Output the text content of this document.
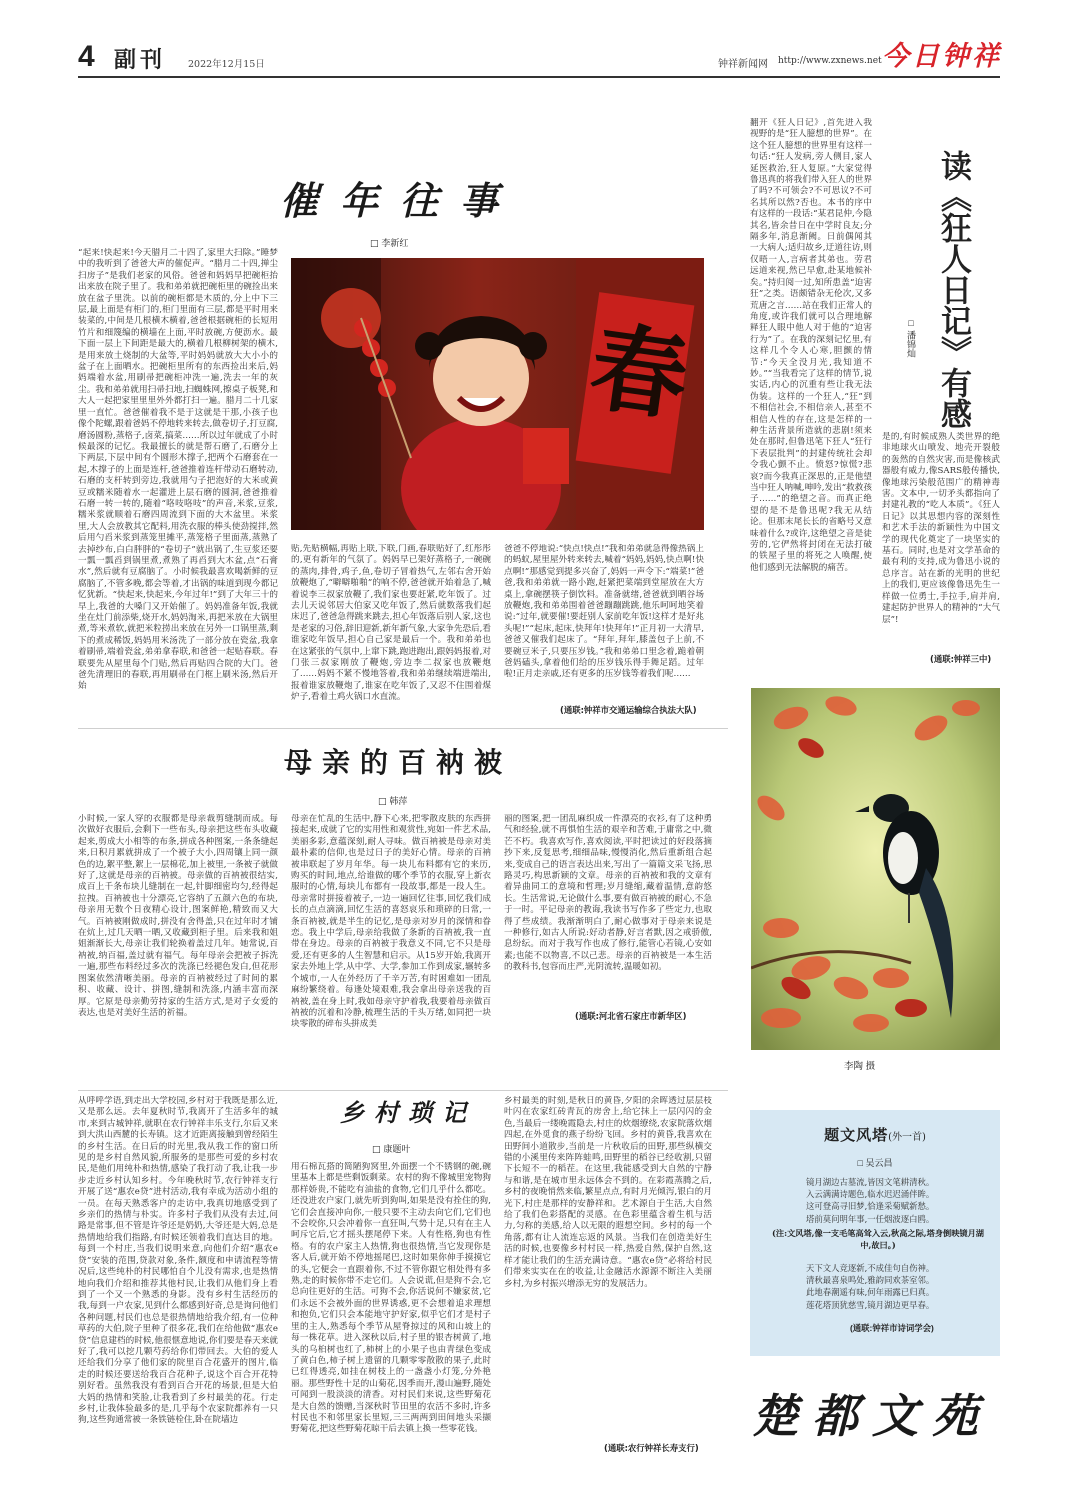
4 副刊 2022年12月15日	钟祥新闻网 http://www.zxnews.net 今日钟祥
催年往事
□ 李新红
春

“起来!快起来!今天腊月二十四了,家里大扫除。”睡梦中的我听到了爸爸大声的催促声。“腊月二十四,掸尘扫房子”是我们老家的风俗。爸爸和妈妈早把碗柜抬出来放在院子里了。我和弟弟就把碗柜里的碗捡出来放在盆子里洗。以前的碗柜都是木质的,分上中下三层,最上面是有柜门的,柜门里面有三层,都是平时用来装菜的,中间是几根横木横着,爸爸根据碗柜的长短用竹片和细篾编的横墙在上面,平时放碗,方便沥水。最下面一层上下间距是最大的,横着几根柳树架的横木,是用来放土烧制的大盆等,平时妈妈就放大大小小的盆子在上面晒水。把碗柜里所有的东西捡出来后,妈妈端着水盆,用刷帚把碗柜冲洗一遍,洗去一年的灰尘。我和弟弟就用扫帚扫地,扫蜘蛛网,擦桌子板凳,和大人一起把家里里里外外都打扫一遍。腊月二十几家里一直忙。爸爸催着我不是于这就是干那,小孩子也像个陀螺,跟着爸妈不停地转来转去,做卷切子,打豆腐,磨汤圆粉,蒸格子,卤菜,搞菜……所以过年就成了小时候最深的记忆。我最擅长的就是帮石磨了,石磨分上下两层,下层中间有个圆形木撑子,把两个石磨套在一起,木撑子的上面是连杆,爸爸推着连杆带动石磨转动,石磨的支杆转到旁边,我就用勺子把泡好的大米或黄豆或糯米随着水一起灌进上层石磨的圆洞,爸爸推着石磨一转一转的,随着“咯吱咯吱”的声音,米浆,豆浆,糯米浆就顺着石磨四周流到下面的大木盆里。米浆里,大人会放教其它配料,用洗衣服的棒头使劲搅拌,然后用勺舀米浆到蒸笼里摊平,蒸笼格子里面蒸,蒸熟了去掉纱布,白白胖胖的“卷切子”就出锅了,生豆浆还要一瓢一瓢舀到锅里煮,煮熟了再舀到大木盆,点“石膏水”,然后就有豆腐脑了。小时候我最喜欢喝新鲜的豆腐脑了,不管多晚,都会等着,才出锅的味道到现今都记忆犹新。“快起来,快起来,今年过年!”到了大年三十的早上,我爸的大嗓门又开始催了。妈妈准备年饭,我就坐在灶门前添柴,烧开水,妈妈淘米,再把米放在大锅里煮,等米煮软,就把米粒捞出来放在另外一口锅里蒸,剩下的煮成稀饭,妈妈用米汤洗了一部分放在瓷盆,我拿着刷帚,端着瓷盆,弟弟拿春联,和爸爸一起贴春联。春联要先从屋里每个门贴,然后再贴四合院的大门。爸爸先清理旧的春联,再用刷帚在门框上刷米汤,然后开始

贴,先贴横幅,再贴上联,下联,门画,春联贴好了,红彤彤的,更有新年的气氛了。妈妈早已架好蒸格子,一碗碗的蒸肉,排骨,鸡子,鱼,卷切子冒着热气,左邻右舍开始放鞭炮了,“噼噼啪啪”的响不停,爸爸就开始着急了,喊着说李三叔家放鞭了,我们家也要赶紧,吃年饭了。过去儿天说邻居大伯家又吃年饭了,然后就数落我们起床迟了,爸爸急得跳来跳去,担心年饭落后别人家,这也是老家的习俗,辞旧迎新,新年新气象,大家争先恐后,看谁家吃年饭早,担心自己家是最后一个。我和弟弟也在这紧张的气氛中,上窜下跳,跑进跑出,跟妈妈报着,对门张三叔家刚放了鞭炮,旁边李二叔家也放鞭炮了……妈妈不紧不慢地答着,我和弟弟继续端进端出,报着谁家放鞭炮了,谁家在吃年饭了,又忍不住围着煤炉子,看着土鸡火锅口水直流。

爸爸不停地说:“快点!快点!”我和弟弟就急得像热锅上的蚂蚁,屋里屋外转来转去,喊着“妈妈,妈妈,快点啊!快点啊!”那感觉到提多兴奋了,妈妈一声令下:“端菜!”爸爸,我和弟弟就一路小跑,赶紧把菜端到堂屋放在大方桌上,拿碗摆筷子倒饮料。准备就绪,爸爸就到晒谷场放鞭炮,我和弟弟围着爸爸蹦蹦跳跳,他乐呵呵地笑着说:“过年,就要催!要赶别人家前吃年饭!这样才是好兆头呢!”“起床,起床,快拜年!快拜年!”正月初一大清早,爸爸又催我们起床了。“拜年,拜年,膝盖包子上前,不要碗豆米子,只要压岁钱。”我和弟弟口里念着,跪着朝爸妈磕头,拿着他们给的压岁钱乐得手舞足蹈。过年啦!正月走亲戚,还有更多的压岁钱等着我们呢……

(通联:钟祥市交通运输综合执法大队)

翻开《狂人日记》,首先进入我视野的是“狂人臆想的世界”。在这个狂人臆想的世界里有这样一句话:“狂人发病,旁人侧目,家人延医救治,狂人复原。”大家觉得鲁迅真的将我们带入狂人的世界了吗?不可领会?不可思议?不可名其所以然?否也。本书的序中有这样的一段话:“某君昆仲,今隐其名,皆余昔日在中学时良友;分隔多年,消息渐阙。日前偶闻其一大病人;适归故乡,迂道往访,则仅晤一人,言病者其弟也。劳君远道来视,然已早愈,赴某地候补矣。”持归阅一过,知所患盖“迫害狂”之类。语颇错杂无伦次,又多荒唐之言……站在我们正常人的角度,或许我们就可以合理地解释狂人眼中他人对于他的“迫害行为”了。在我的深刻记忆里,有这样几个令人心寒,胆颤的情节:“今天全没月光,我知道不妙。”“当我看完了这样的情节,说实话,内心的沉重有些让我无法伪装。这样的一个狂人,“狂”到不相信社会,不相信亲人,甚至不相信人性的存在,这是怎样的一种生活背景所造就的悲剧!须来处在那时,但鲁迅笔下狂人“狂行下表层批判”的封建传统社会却令我心颤不止。愤怒?惊慌?悲哀?而今我真正深思的,正是他望当中狂人呐喊,呻吟,发出“救救孩子……”的绝望之音。而真正绝望的是不是鲁迅呢?我无从结论。但那末尾长长的省略号又意味着什么?或许,这绝望之音是徒劳的,它俨然将封闭在无法打破的铁屋子里的将死之人唤醒,使他们感到无法解脱的痛苦。

读《狂人日记》有感
□ 潘锦灿

是的,有时候成熟人类世界的绝非地球火山喷发、地壳开裂般的轰然的自然灾害,而是像核武器般有威力,像SARS般传播快,像地球污染般范围广的精神毒害。文本中,一切矛头都指向了封建礼教的“吃人本质”。《狂人日记》以其思想内容的深刻性和艺术手法的新颖性为中国文学的现代化奠定了一块坚实的基石。同时,也是对文学革命的最有利的支持,成为鲁迅小说的总序言。站在新的光明的世纪上的我们,更应该像鲁迅先生一样做一位勇士,手拉手,肩并肩,建起防护世界人的精神的“大气层”!

(通联:钟祥三中)
母亲的百衲被
□ 韩萍

小时候,一家人穿的衣服都是母亲裁剪缝制而成。每次做好衣服后,会剩下一些布头,母亲把这些布头收藏起来,剪成大小相等的布条,拼成各种图案,一条条缝起来,日积月累就拼成了一个被子大小,四周镶上同一颜色的边,絮平整,絮上一层棉花,加上被里,一条被子就做好了,这就是母亲的百衲被。母亲做的百衲被很结实,成百上千条布块儿缝制在一起,针脚细密均匀,经得起拉拽。百衲被也十分漂亮,它容纳了五颜六色的布块,母亲用无数个日夜精心设计,图案鲜艳,精致而又大气。百衲被刚做成时,拼没有舍得盖,只在过年时才铺在炕上,过几天晒一晒,又收藏到柜子里。后来我和姐姐渐渐长大,母亲让我们轮换着盖过几年。她常说,百衲被,纳百福,盖过就有福气。每年母亲会把被子拆洗一遍,那些布料经过多次的洗涤已经褪色发白,但花形图案依然清晰美丽。母亲的百衲被经过了时间的累积、收藏、设计、拼图,缝制和洗涤,内涵丰富而深厚。它原是母亲勤劳持家的生活方式,是对子女爱的表达,也是对美好生活的祈福。

母亲在忙乱的生活中,静下心来,把零散皮肤的东西拼接起来,成就了它的实用性和观赏性,宛如一件艺术品,美丽多彩,意蕴深刻,耐人寻味。做百衲被是母亲对美最朴素的信仰,也是过日子的美好心情。母亲的百衲被串联起了岁月年华。每一块儿布料都有它的来历,购买的时间,地点,给谁做的哪个季节的衣服,穿上新衣服时的心情,每块儿布都有一段故事,都是一段人生。母亲常时拼接着被子,一边一遍回忆往事,回忆我们成长的点点滴滴,回忆生活的喜怒哀乐和琐碎的日常,一条百衲被,就是半生的记忆,是母亲对岁月的深情和眷恋。我上中学后,母亲给我做了条新的百衲被,我一直带在身边。母亲的百衲被于我意义不同,它不只是母爱,还有更多的人生智慧和启示。从15岁开始,我离开家去外地上学,从中学、大学,参加工作到成家,辗转多个城市,一人在外经历了千辛万苦,有时困难如一团乱麻纷繁绕着。每逢处境艰难,我会拿出母亲送我的百衲被,盖在身上时,我如母亲守护着我,我要着母亲做百衲被的沉着和冷静,梳理生活的千头万绪,如同把一块块零散的碎布头拼成美

丽的图案,把一团乱麻织成一件漂亮的衣衫,有了这种勇气和经验,就不再惧怕生活的艰辛和苦难,于庸常之中,微芒不朽。我喜欢写作,喜欢阅读,平时把读过的好段落摘抄下来,反复思考,细细品味,慢慢消化,然后重新组合起来,变成自己的语言表达出来,写出了一篇篇文采飞扬,思路灵巧,构思新颖的文章。母亲的百衲被和我的文章有着异曲同工的意境和哲理;岁月缝缩,藏着温情,意韵悠长。生活常说,无论做什么事,要有做百衲被的耐心,不急于一时。平记母亲的教诲,我读书写作多了些定力,也取得了些成绩。我渐渐明白了,耐心做事对于母亲来说是一种修行,如古人所说:好动者静,好言者默,因之戒骄傲,息纷纭。而对于我写作也成了修行,能管心若镜,心安如素;也能不以物喜,不以己悲。母亲的百衲被是一本生活的教科书,包容而庄严,光阴流转,温暖如初。

(通联:河北省石家庄市新华区)
李陶 摄

从呼呼学语,到走出大学校园,乡村对于我既是那么近,又是那么远。去年夏秋时节,我离开了生活多年的城市,来到古城钟祥,就职在农行钟祥丰乐支行,尔后又来到大洪山西麓的长寿镇。这才近距离接触到曾经陌生的乡村生活。在日后的时光里,我从我工作的窗口所见的是乡村自然风貌,所服务的是那些可爱的乡村农民,是他们用纯朴和热情,感染了我打动了我,让我一步步走近乡村认知乡村。今年晚秋时节,农行钟祥支行开展了送“惠农e贷”进村活动,我有幸成为活动小组的一员。在每天熟悉客户的走访中,我真切地感受到了乡亲们的热情与朴实。许多村子我们从没有去过,问路是常事,但不管是许爷还是奶奶,大爷还是大妈,总是热情地给我们指路,有时候还领着我们直达目的地。每到一个村庄,当我们说明来意,向他们介绍“惠农e贷”安装的范围,贷款对象,条件,额度和申请流程等情况后,这些纯朴的村民哪怕自个儿没有需求,也是热情地向我们介绍和推荐其他村民,让我们从他们身上看到了一个又一个熟悉的身影。没有乡村生活经历的我,每到一户农家,见到什么都感到好奇,总是询问他们各种问题,村民们也总是很热情地给我介绍,有一位种草药的大伯,院子里种了很多花,我们在给他做“惠农e贷”信息建档的时候,他很惬意地说,你们要是春天来就好了,我可以挖几颗芍药给你们带回去。大伯的爱人还给我们分享了他们家的院里百合花盛开的图片,临走的时候还要送给我百合花种子,说这个百合开花特别好看。虽然我没有看到百合开花的场景,但是大伯大妈的热情和笑脸,让我看到了乡村最美的花。行走乡村,让我体验最多的是,几乎每个农家院都养有一只狗,这些狗通常被一条铁链栓住,卧在院墙边

乡村琐记
□ 康题叶

用石棉瓦搭的简陋狗窝里,外面摆一个不锈钢的碗,碗里基本上都是些剩饭剩菜。农村的狗不像城里宠物狗那样娇贵,不能吃有油盐的食物,它们几乎什么都吃。还没进农户家门,就先听到狗叫,如果是没有拴住的狗,它们会直接冲向你,一般只要不主动去向它们,它们也不会咬你,只会冲着你一直狂叫,气势十足,只有在主人呵斥它后,它才摇头摆尾停下来。人有性格,狗也有性格。有的农户家主人热情,狗也很热情,当它发现你是客人后,就开始不停地摇尾巴,这时如果你伸手摸摸它的头,它便会一直跟着你,不过不管你跟它相处得有多熟,走的时候你带不走它们。人会说谎,但是狗不会,它总向往更好的生活。可狗不会,你活说何不嫌家贫,它们永远不会被外面的世界诱惑,更不会想着追求理想和抱负,它们只会本能地守护好家,似乎它们才是村子里的主人,熟悉每个季节从屋脊掠过的风和山坡上的每一株花草。进入深秋以后,村子里的银杏树黄了,地头的乌桕树也红了,柿树上的小果子也由青绿色变成了黄白色,柿子树上遗留的几颗零零散散的果子,此时已红得透亮,如挂在树枝上的一盏盏小灯笼,分外艳丽。那些野性十足的山菊花,因季而开,漫山遍野,随处可闻到一股淡淡的清香。对村民们来说,这些野菊花是大自然的馈赠,当深秋时节田里的农活不多时,许多村民也不和邻里家长里短,三三两两到田间地头采撷野菊花,把这些野菊花晾干后去镇上换一些零花钱。

乡村最美的时刻,是秋日的黄昏,夕阳的余晖透过层层枝叶闪在农家红砖青瓦的房舍上,给它抹上一层闪闪的金色,当最后一缕晚霞隐去,村庄的炊烟缭绕,农家院落炊烟四起,在外觅食的燕子纷纷飞回。乡村的黄昏,我喜欢在田野间小道散步,当前是一片秋收后的田野,那些纵横交错的小溪里传来阵阵蛙鸣,田野里的稻谷已经收割,只留下长短不一的稻茬。在这里,我能感受到大自然的宁静与和谐,是在城市里永远体会不到的。在彩霞蒸腾之后,乡村的夜晚悄然来临,繁星点点,有时月光倾泻,银白的月光下,村庄是那样的安静祥和。艺术源自于生活,大自然给了我们色彩搭配的灵感。在色彩里蕴含着生机与活力,匀称的美感,给人以无限的遐想空间。乡村的每一个角落,都有让人流连忘返的风景。当我们在创造美好生活的时候,也要像乡村村民一样,热爱自然,保护自然,这样才能让我们的生活充满诗意。“惠农e贷”必将给村民们带来实实在在的收益,让金融活水源源不断注入美丽乡村,为乡村振兴增添无穷的发展活力。

(通联:农行钟祥长寿支行)
题文风塔(外一首)
□ 吴云昌
镜月湖边古墓流,皆因文笔耕清秋。
入云满满诗题色,临水迟迟涌伴眸。
这可登高寻旧梦,恰逢采菊赋新愁。
塔前莫问明年事,一任烟波逐白鸥。
(注:文风塔,像一支毛笔高耸入云,秋高之际,塔身倒映镜月湖中,故曰。)
天下文人竞逐新,不成佳句自伤神。
清秋最喜泉鸣处,雅韵同欢茶室邻。
此地春潮遥有味,何年雨露已归真。
莲花塔顶犹慈雪,镜月湖边更早春。
(通联:钟祥市诗词学会)
楚都文苑
